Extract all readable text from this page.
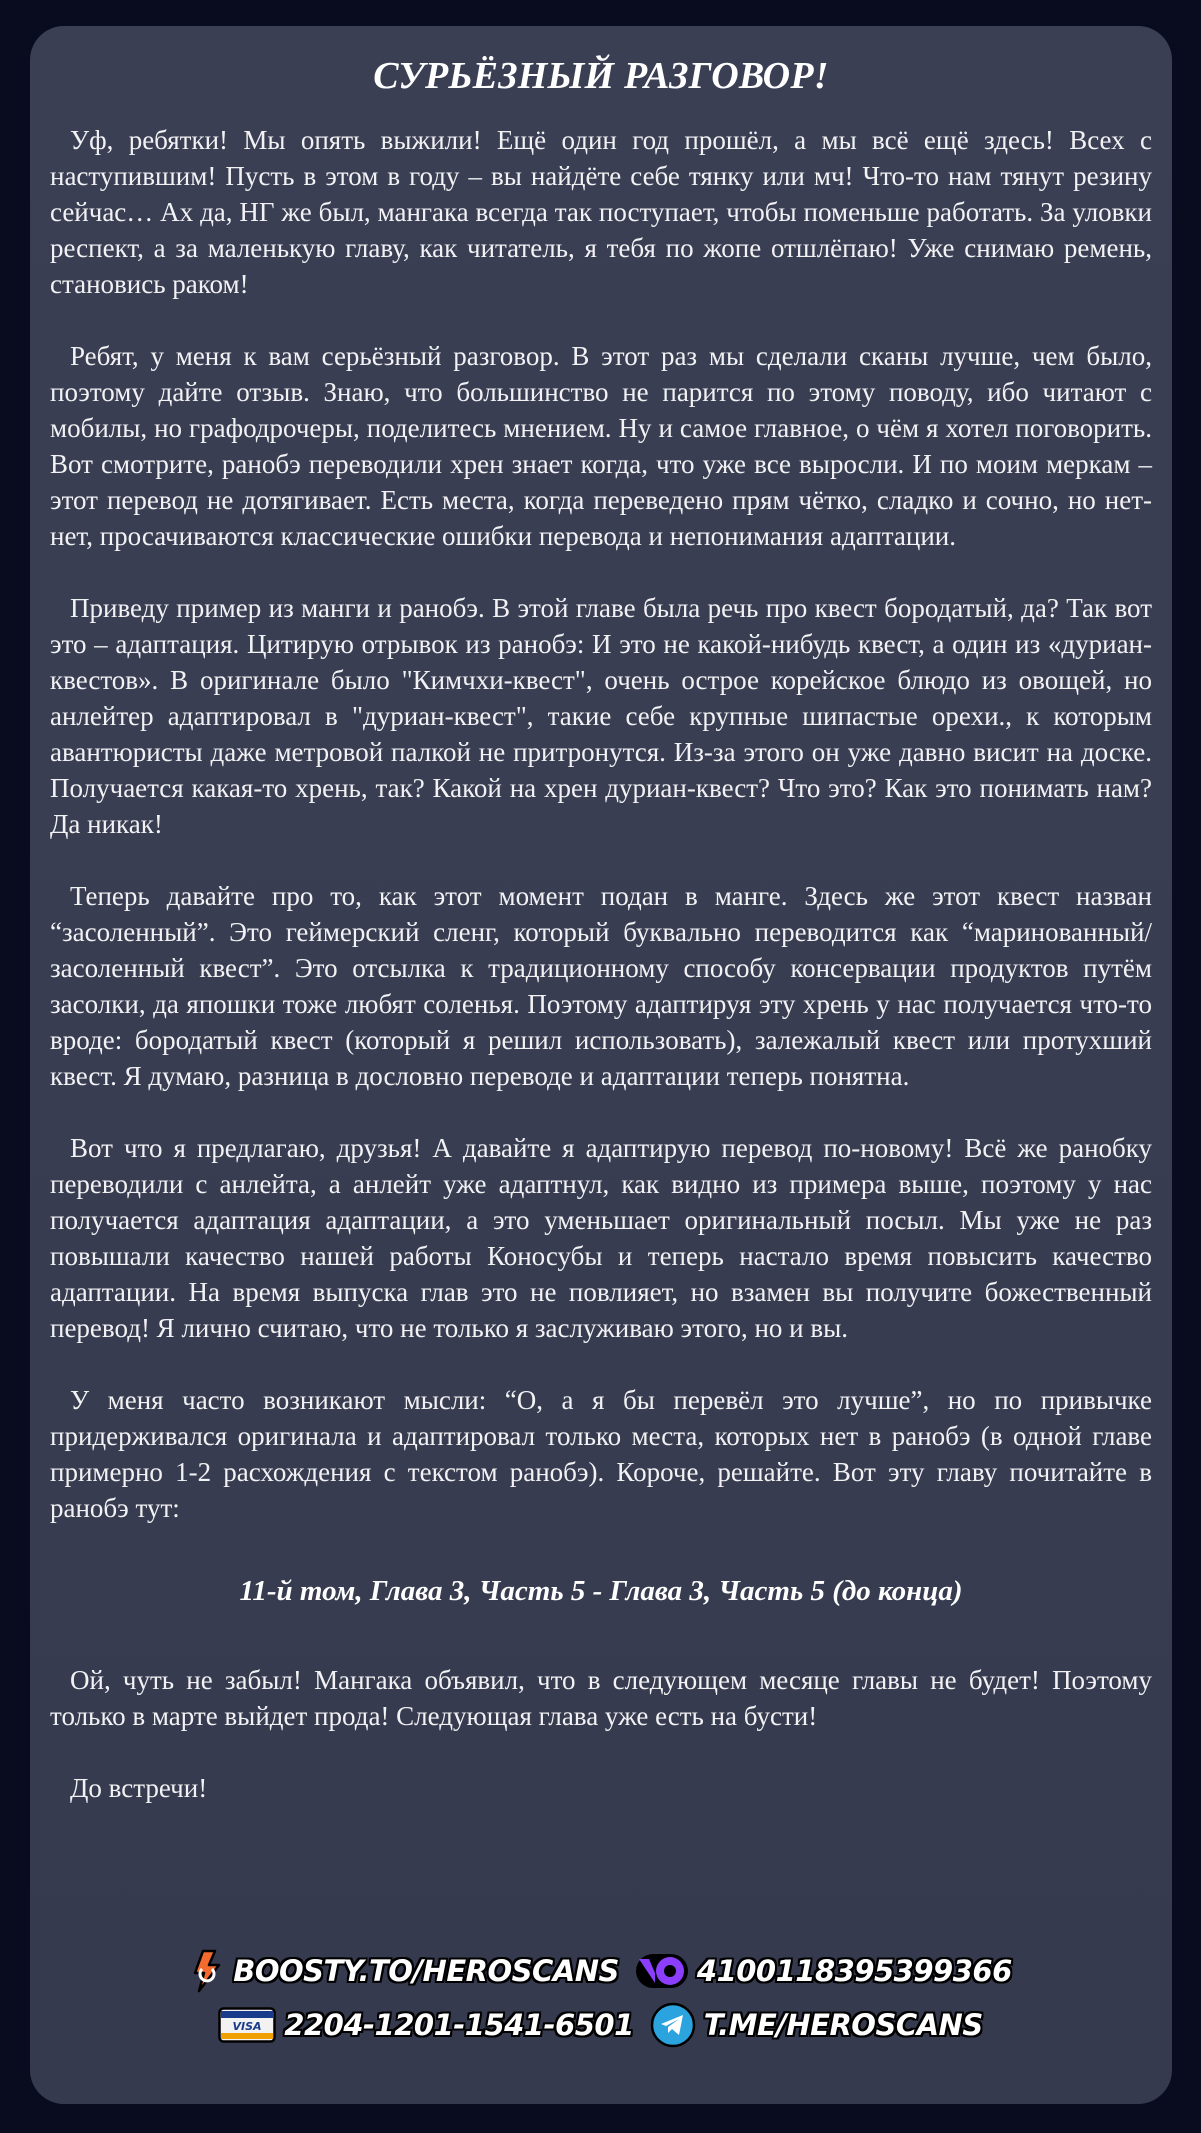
СУРЬЁЗНЫЙ РАЗГОВОР!

Уф, ребятки! Мы опять выжили! Ещё один год прошёл, а мы всё ещё здесь! Всех с наступившим! Пусть в этом в году – вы найдёте себе тянку или мч! Что-то нам тянут резину сейчас… Ах да, НГ же был, мангака всегда так поступает, чтобы поменьше работать. За уловки респект, а за маленькую главу, как читатель, я тебя по жопе отшлёпаю! Уже снимаю ремень, становись раком!

Ребят, у меня к вам серьёзный разговор. В этот раз мы сделали сканы лучше, чем было, поэтому дайте отзыв. Знаю, что большинство не парится по этому поводу, ибо читают с мобилы, но графодрочеры, поделитесь мнением. Ну и самое главное, о чём я хотел поговорить. Вот смотрите, ранобэ переводили хрен знает когда, что уже все выросли. И по моим меркам – этот перевод не дотягивает. Есть места, когда переведено прям чётко, сладко и сочно, но нет-нет, просачиваются классические ошибки перевода и непонимания адаптации.

Приведу пример из манги и ранобэ. В этой главе была речь про квест бородатый, да? Так вот это – адаптация. Цитирую отрывок из ранобэ: И это не какой-нибудь квест, а один из «дуриан-квестов». В оригинале было "Кимчхи-квест", очень острое корейское блюдо из овощей, но анлейтер адаптировал в "дуриан-квест", такие себе крупные шипастые орехи., к которым авантюристы даже метровой палкой не притронутся. Из-за этого он уже давно висит на доске. Получается какая-то хрень, так? Какой на хрен дуриан-квест? Что это? Как это понимать нам? Да никак!

Теперь давайте про то, как этот момент подан в манге. Здесь же этот квест назван “засоленный”. Это геймерский сленг, который буквально переводится как “маринованный/засоленный квест”. Это отсылка к традиционному способу консервации продуктов путём засолки, да япошки тоже любят соленья. Поэтому адаптируя эту хрень у нас получается что-то вроде: бородатый квест (который я решил использовать), залежалый квест или протухший квест. Я думаю, разница в дословно переводе и адаптации теперь понятна.

Вот что я предлагаю, друзья! А давайте я адаптирую перевод по-новому! Всё же ранобку переводили с анлейта, а анлейт уже адаптнул, как видно из примера выше, поэтому у нас получается адаптация адаптации, а это уменьшает оригинальный посыл. Мы уже не раз повышали качество нашей работы Коносубы и теперь настало время повысить качество адаптации. На время выпуска глав это не повлияет, но взамен вы получите божественный перевод! Я лично считаю, что не только я заслуживаю этого, но и вы.

У меня часто возникают мысли: “О, а я бы перевёл это лучше”, но по привычке придерживался оригинала и адаптировал только места, которых нет в ранобэ (в одной главе примерно 1-2 расхождения с текстом ранобэ). Короче, решайте. Вот эту главу почитайте в ранобэ тут:

11-й том, Глава 3, Часть 5 - Глава 3, Часть 5 (до конца)

Ой, чуть не забыл! Мангака объявил, что в следующем месяце главы не будет! Поэтому только в марте выйдет прода! Следующая глава уже есть на бусти!

До встречи!

BOOSTY.TO/HEROSCANS	4100118395399366
VISA 2204-1201-1541-6501 T.ME/HEROSCANS
